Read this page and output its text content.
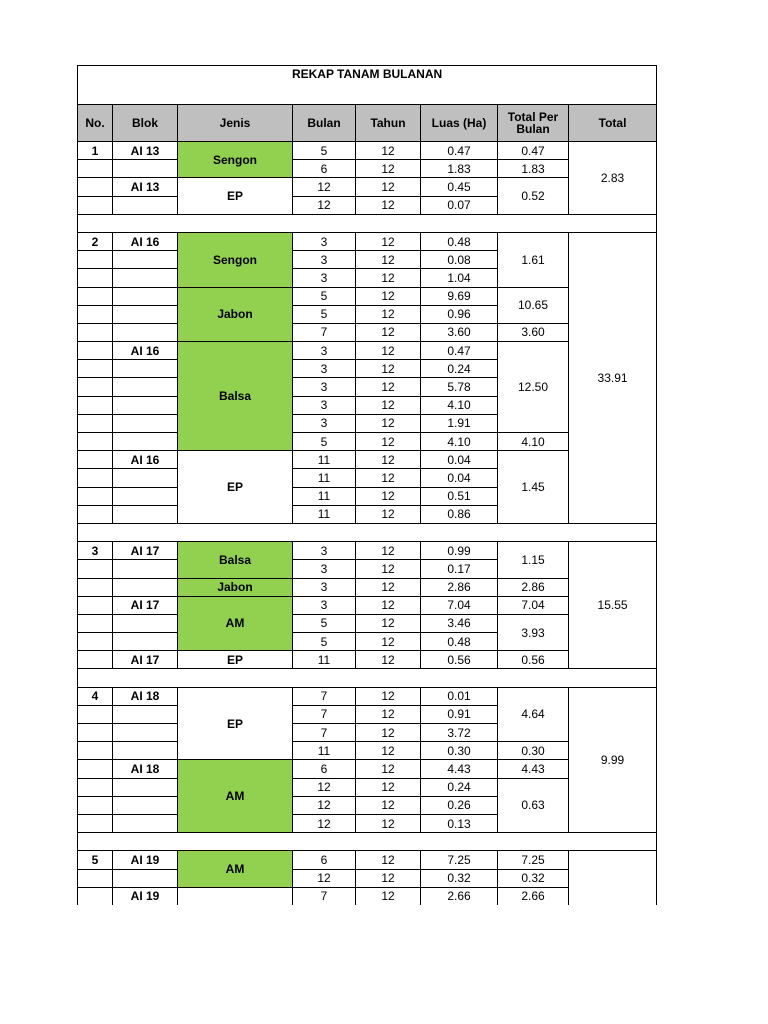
REKAP TANAM BULANAN							
No.	Blok	Jenis	Bulan	Tahun	Luas (Ha)	Total Per Bulan	Total
1	AI 13	Sengon	5	12	0.47	0.47	2.83
			6	12	1.83	1.83	
	AI 13	EP	12	12	0.45	0.52	
			12	12	0.07		

2	AI 16	Sengon	3	12	0.48	1.61	33.91
			3	12	0.08		
			3	12	1.04		
		Jabon	5	12	9.69	10.65	
			5	12	0.96		
			7	12	3.60	3.60	
	AI 16	Balsa	3	12	0.47	12.50	
			3	12	0.24		
			3	12	5.78		
			3	12	4.10		
			3	12	1.91		
			5	12	4.10	4.10	
	AI 16	EP	11	12	0.04	1.45	
			11	12	0.04		
			11	12	0.51		
			11	12	0.86		

3	AI 17	Balsa	3	12	0.99	1.15	15.55
			3	12	0.17		
		Jabon	3	12	2.86	2.86	
	AI 17	AM	3	12	7.04	7.04	
			5	12	3.46	3.93	
			5	12	0.48		
	AI 17	EP	11	12	0.56	0.56	

4	AI 18	EP	7	12	0.01	4.64	9.99
			7	12	0.91		
			7	12	3.72		
			11	12	0.30	0.30	
	AI 18	AM	6	12	4.43	4.43	
			12	12	0.24	0.63	
			12	12	0.26		
			12	12	0.13		

5	AI 19	AM	6	12	7.25	7.25	
			12	12	0.32	0.32	
	AI 19		7	12	2.66	2.66	
